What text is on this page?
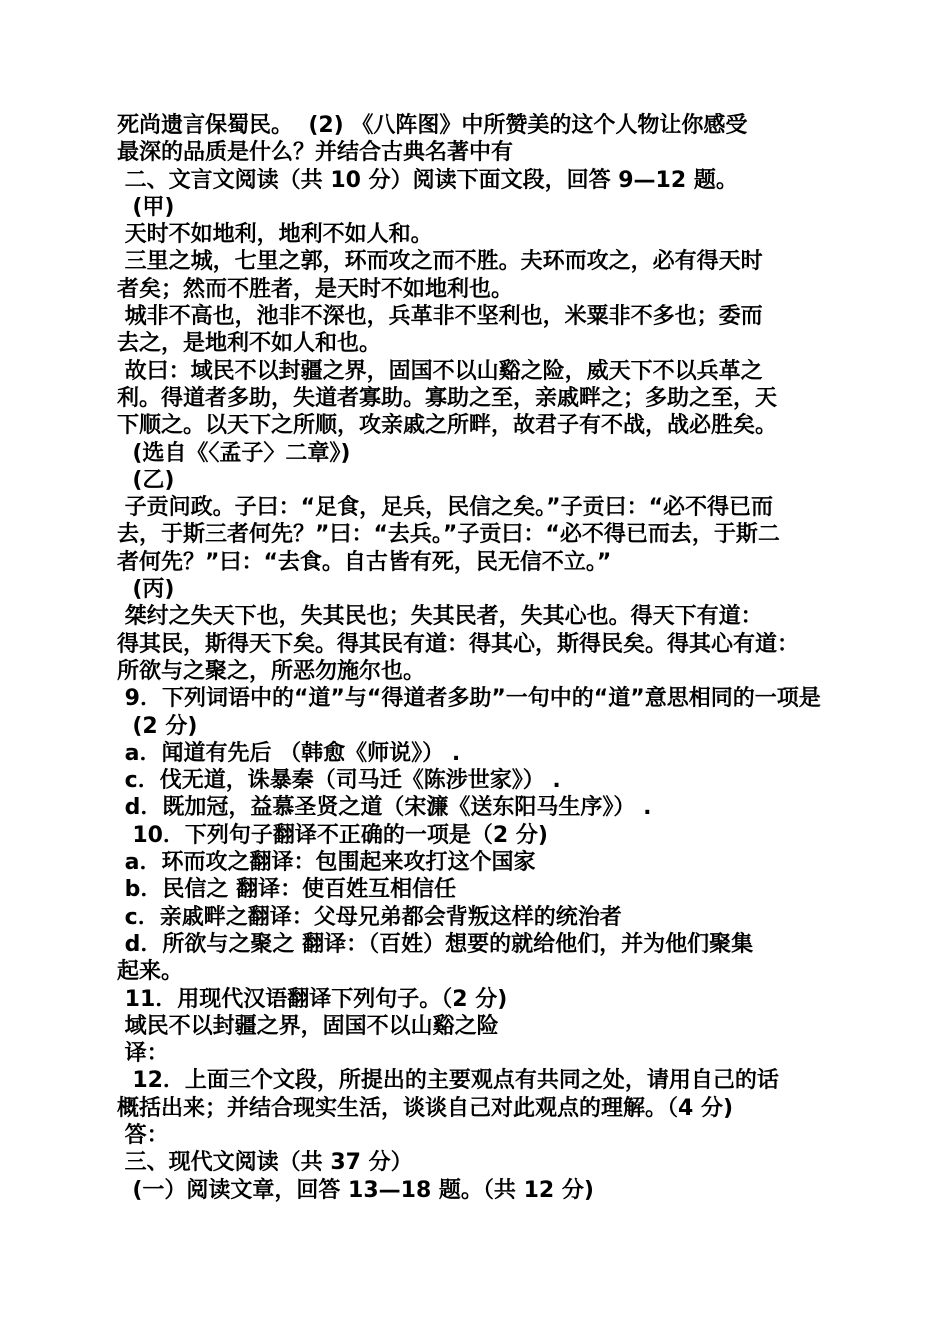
死尚遗言保蜀民。  (2) 《八阵图》中所赞美的这个人物让你感受
最深的品质是什么？并结合古典名著中有
二、文言文阅读（共 10 分）阅读下面文段，回答 9—12 题。
(甲)
天时不如地利，地利不如人和。
三里之城，七里之郭，环而攻之而不胜。夫环而攻之，必有得天时
者矣；然而不胜者，是天时不如地利也。
城非不高也，池非不深也，兵革非不坚利也，米粟非不多也；委而
去之，是地利不如人和也。
故曰：域民不以封疆之界，固国不以山谿之险，威天下不以兵革之
利。得道者多助，失道者寡助。寡助之至，亲戚畔之；多助之至，天
下顺之。以天下之所顺，攻亲戚之所畔，故君子有不战，战必胜矣。
(选自《〈孟子〉二章》)
(乙)
子贡问政。子曰：“足食，足兵，民信之矣。”子贡曰：“必不得已而
去，于斯三者何先？”曰：“去兵。”子贡曰：“必不得已而去，于斯二
者何先？”曰：“去食。自古皆有死，民无信不立。”
(丙)
桀纣之失天下也，失其民也；失其民者，失其心也。得天下有道：
得其民，斯得天下矣。得其民有道：得其心，斯得民矣。得其心有道：
所欲与之聚之，所恶勿施尔也。
9．下列词语中的“道”与“得道者多助”一句中的“道”意思相同的一项是
(2 分)
a．闻道有先后 （韩愈《师说》） .
c．伐无道，诛暴秦（司马迁《陈涉世家》） .
d．既加冠，益慕圣贤之道（宋濂《送东阳马生序》） .
10．下列句子翻译不正确的一项是（2 分)
a．环而攻之翻译：包围起来攻打这个国家
b．民信之 翻译：使百姓互相信任
c．亲戚畔之翻译：父母兄弟都会背叛这样的统治者
d．所欲与之聚之 翻译：（百姓）想要的就给他们，并为他们聚集
起来。
11．用现代汉语翻译下列句子。（2 分)
域民不以封疆之界，固国不以山谿之险
译：
12．上面三个文段，所提出的主要观点有共同之处，请用自己的话
概括出来；并结合现实生活，谈谈自己对此观点的理解。（4 分)
答：
三、现代文阅读（共 37 分）
(一）阅读文章，回答 13—18 题。（共 12 分)
